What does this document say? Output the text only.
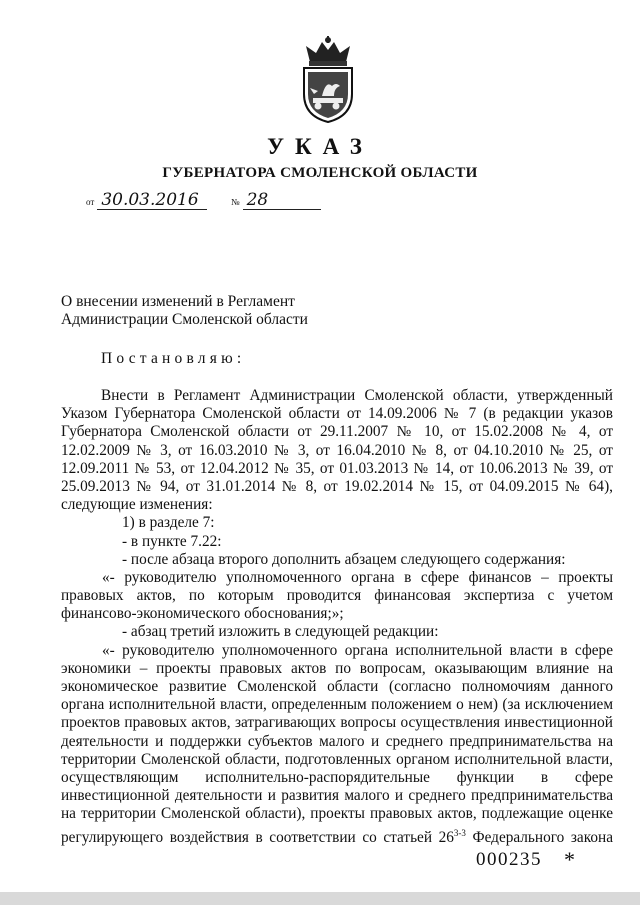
УКАЗ
ГУБЕРНАТОРА СМОЛЕНСКОЙ ОБЛАСТИ
от 30.03.2016	№ 28
О внесении изменений в Регламент
Администрации Смоленской области
Постановляю:
Внести в Регламент Администрации Смоленской области, утвержденный
Указом Губернатора Смоленской области от 14.09.2006 № 7 (в редакции указов
Губернатора Смоленской области от 29.11.2007 № 10, от 15.02.2008 № 4, от
12.02.2009 № 3, от 16.03.2010 № 3, от 16.04.2010 № 8, от 04.10.2010 № 25, от
12.09.2011 № 53, от 12.04.2012 № 35, от 01.03.2013 № 14, от 10.06.2013 № 39, от
25.09.2013 № 94, от 31.01.2014 № 8, от 19.02.2014 № 15, от 04.09.2015 № 64),
следующие изменения:
1) в разделе 7:
- в пункте 7.22:
- после абзаца второго дополнить абзацем следующего содержания:
«- руководителю уполномоченного органа в сфере финансов – проекты
правовых актов, по которым проводится финансовая экспертиза с учетом
финансово-экономического обоснования;»;
- абзац третий изложить в следующей редакции:
«- руководителю уполномоченного органа исполнительной власти в сфере
экономики – проекты правовых актов по вопросам, оказывающим влияние на
экономическое развитие Смоленской области (согласно полномочиям данного
органа исполнительной власти, определенным положением о нем) (за исключением
проектов правовых актов, затрагивающих вопросы осуществления инвестиционной
деятельности и поддержки субъектов малого и среднего предпринимательства на
территории Смоленской области, подготовленных органом исполнительной власти,
осуществляющим исполнительно-распорядительные функции в сфере
инвестиционной деятельности и развития малого и среднего предпринимательства
на территории Смоленской области), проекты правовых актов, подлежащие оценке
регулирующего воздействия в соответствии со статьей 26$^{3-3}$ Федерального закона
000235 *
